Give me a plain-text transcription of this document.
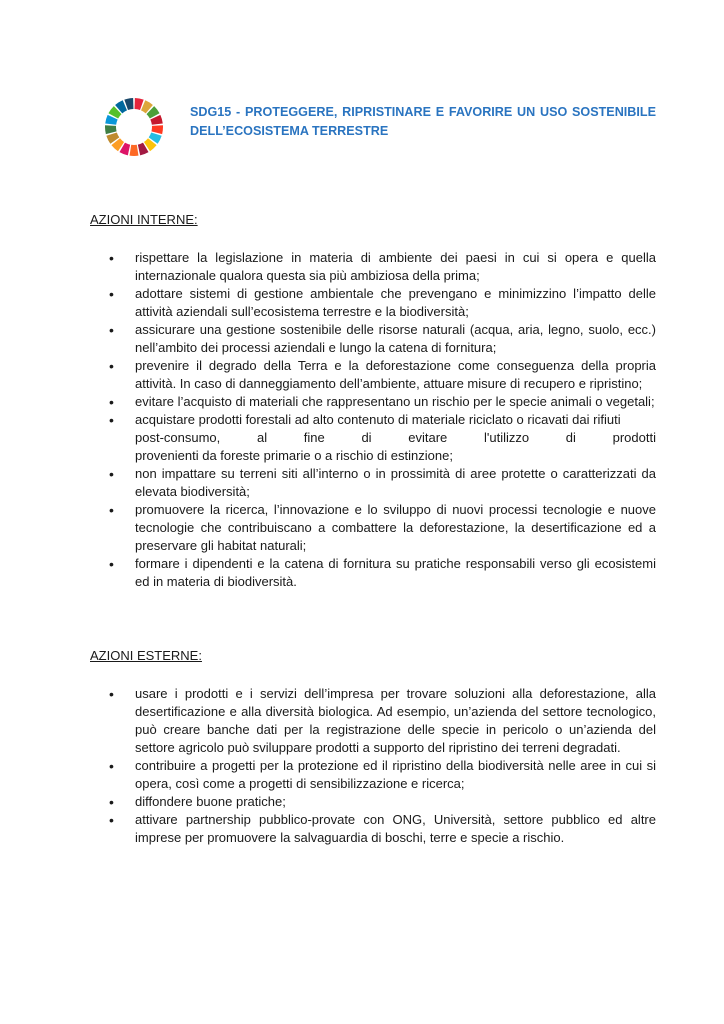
SDG15 - PROTEGGERE, RIPRISTINARE E FAVORIRE UN USO SOSTENIBILE DELL’ECOSISTEMA TERRESTRE
AZIONI INTERNE:
• rispettare la legislazione in materia di ambiente dei paesi in cui si opera e quella internazionale qualora questa sia più ambiziosa della prima;
• adottare sistemi di gestione ambientale che prevengano e minimizzino l’impatto delle attività aziendali sull’ecosistema terrestre e la biodiversità;
• assicurare una gestione sostenibile delle risorse naturali (acqua, aria, legno, suolo, ecc.) nell’ambito dei processi aziendali e lungo la catena di fornitura;
• prevenire il degrado della Terra e la deforestazione come conseguenza della propria attività. In caso di danneggiamento dell’ambiente, attuare misure di recupero e ripristino;
• evitare l’acquisto di materiali che rappresentano un rischio per le specie animali o vegetali;
• acquistare prodotti forestali ad alto contenuto di materiale riciclato o ricavati dai rifiuti
post-consumo, al fine di evitare l'utilizzo di prodotti
provenienti da foreste primarie o a rischio di estinzione;
• non impattare su terreni siti all’interno o in prossimità di aree protette o caratterizzati da elevata biodiversità;
• promuovere la ricerca, l’innovazione e lo sviluppo di nuovi processi tecnologie e nuove tecnologie che contribuiscano a combattere la deforestazione, la desertificazione ed a preservare gli habitat naturali;
• formare i dipendenti e la catena di fornitura su pratiche responsabili verso gli ecosistemi ed in materia di biodiversità.
AZIONI ESTERNE:
• usare i prodotti e i servizi dell’impresa per trovare soluzioni alla deforestazione, alla desertificazione e alla diversità biologica. Ad esempio, un’azienda del settore tecnologico, può creare banche dati per la registrazione delle specie in pericolo o un’azienda del settore agricolo può sviluppare prodotti a supporto del ripristino dei terreni degradati.
• contribuire a progetti per la protezione ed il ripristino della biodiversità nelle aree in cui si opera, così come a progetti di sensibilizzazione e ricerca;
• diffondere buone pratiche;
• attivare partnership pubblico-provate con ONG, Università, settore pubblico ed altre imprese per promuovere la salvaguardia di boschi, terre e specie a rischio.
